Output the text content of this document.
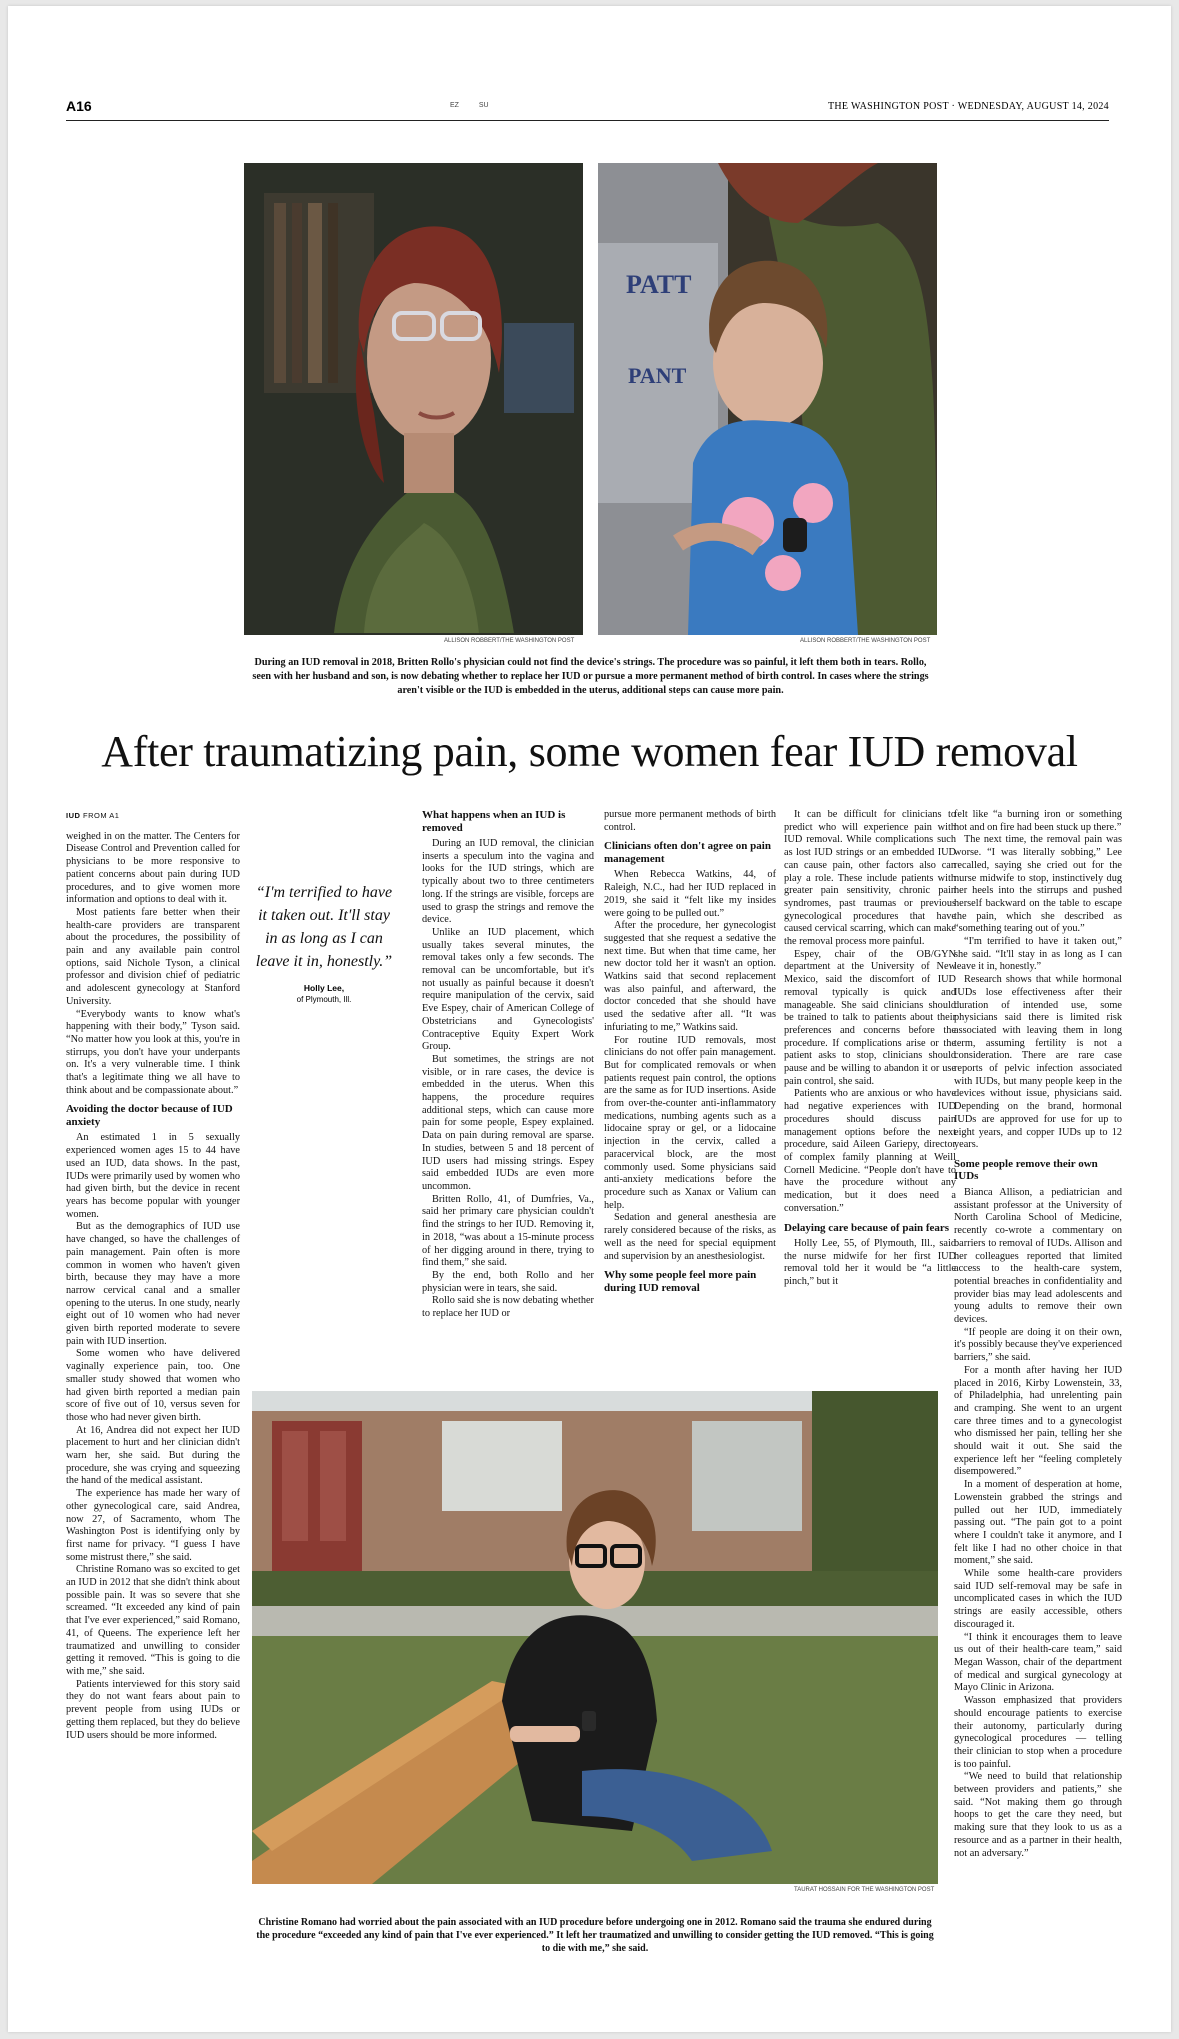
A16	EZ SU	THE WASHINGTON POST · WEDNESDAY, AUGUST 14, 2024
ALLISON ROBBERT/THE WASHINGTON POST
PATT
PANT
ALLISON ROBBERT/THE WASHINGTON POST
During an IUD removal in 2018, Britten Rollo's physician could not find the device's strings. The procedure was so painful, it left them both in tears. Rollo, seen with her husband and son, is now debating whether to replace her IUD or pursue a more permanent method of birth control. In cases where the strings aren't visible or the IUD is embedded in the uterus, additional steps can cause more pain.
After traumatizing pain, some women fear IUD removal
IUD FROM A1

weighed in on the matter. The Centers for Disease Control and Prevention called for physicians to be more responsive to patient concerns about pain during IUD procedures, and to give women more information and options to deal with it.

Most patients fare better when their health-care providers are transparent about the procedures, the possibility of pain and any available pain control options, said Nichole Tyson, a clinical professor and division chief of pediatric and adolescent gynecology at Stanford University.

“Everybody wants to know what's happening with their body,” Tyson said. “No matter how you look at this, you're in stirrups, you don't have your underpants on. It's a very vulnerable time. I think that's a legitimate thing we all have to think about and be compassionate about.”

Avoiding the doctor because of IUD anxiety

An estimated 1 in 5 sexually experienced women ages 15 to 44 have used an IUD, data shows. In the past, IUDs were primarily used by women who had given birth, but the device in recent years has become popular with younger women.

But as the demographics of IUD use have changed, so have the challenges of pain management. Pain often is more common in women who haven't given birth, because they may have a more narrow cervical canal and a smaller opening to the uterus. In one study, nearly eight out of 10 women who had never given birth reported moderate to severe pain with IUD insertion.

Some women who have delivered vaginally experience pain, too. One smaller study showed that women who had given birth reported a median pain score of five out of 10, versus seven for those who had never given birth.

At 16, Andrea did not expect her IUD placement to hurt and her clinician didn't warn her, she said. But during the procedure, she was crying and squeezing the hand of the medical assistant.

The experience has made her wary of other gynecological care, said Andrea, now 27, of Sacramento, whom The Washington Post is identifying only by first name for privacy. “I guess I have some mistrust there,” she said.

Christine Romano was so excited to get an IUD in 2012 that she didn't think about possible pain. It was so severe that she screamed. “It exceeded any kind of pain that I've ever experienced,” said Romano, 41, of Queens. The experience left her traumatized and unwilling to consider getting it removed. “This is going to die with me,” she said.

Patients interviewed for this story said they do not want fears about pain to prevent people from using IUDs or getting them replaced, but they do believe IUD users should be more informed.

“I'm terrified to have it taken out. It'll stay in as long as I can leave it in, honestly.”
Holly Lee,
of Plymouth, Ill.
What happens when an IUD is removed

During an IUD removal, the clinician inserts a speculum into the vagina and looks for the IUD strings, which are typically about two to three centimeters long. If the strings are visible, forceps are used to grasp the strings and remove the device.

Unlike an IUD placement, which usually takes several minutes, the removal takes only a few seconds. The removal can be uncomfortable, but it's not usually as painful because it doesn't require manipulation of the cervix, said Eve Espey, chair of American College of Obstetricians and Gynecologists' Contraceptive Equity Expert Work Group.

But sometimes, the strings are not visible, or in rare cases, the device is embedded in the uterus. When this happens, the procedure requires additional steps, which can cause more pain for some people, Espey explained. Data on pain during removal are sparse. In studies, between 5 and 18 percent of IUD users had missing strings. Espey said embedded IUDs are even more uncommon.

Britten Rollo, 41, of Dumfries, Va., said her primary care physician couldn't find the strings to her IUD. Removing it, in 2018, “was about a 15-minute process of her digging around in there, trying to find them,” she said.

By the end, both Rollo and her physician were in tears, she said.

Rollo said she is now debating whether to replace her IUD or

pursue more permanent methods of birth control.

Clinicians often don't agree on pain management

When Rebecca Watkins, 44, of Raleigh, N.C., had her IUD replaced in 2019, she said it “felt like my insides were going to be pulled out.”

After the procedure, her gynecologist suggested that she request a sedative the next time. But when that time came, her new doctor told her it wasn't an option. Watkins said that second replacement was also painful, and afterward, the doctor conceded that she should have used the sedative after all. “It was infuriating to me,” Watkins said.

For routine IUD removals, most clinicians do not offer pain management. But for complicated removals or when patients request pain control, the options are the same as for IUD insertions. Aside from over-the-counter anti-inflammatory medications, numbing agents such as a lidocaine spray or gel, or a lidocaine injection in the cervix, called a paracervical block, are the most commonly used. Some physicians said anti-anxiety medications before the procedure such as Xanax or Valium can help.

Sedation and general anesthesia are rarely considered because of the risks, as well as the need for special equipment and supervision by an anesthesiologist.

Why some people feel more pain during IUD removal

It can be difficult for clinicians to predict who will experience pain with IUD removal. While complications such as lost IUD strings or an embedded IUD can cause pain, other factors also can play a role. These include patients with greater pain sensitivity, chronic pain syndromes, past traumas or previous gynecological procedures that have caused cervical scarring, which can make the removal process more painful.

Espey, chair of the OB/GYN department at the University of New Mexico, said the discomfort of IUD removal typically is quick and manageable. She said clinicians should be trained to talk to patients about their preferences and concerns before the procedure. If complications arise or the patient asks to stop, clinicians should pause and be willing to abandon it or use pain control, she said.

Patients who are anxious or who have had negative experiences with IUD procedures should discuss pain management options before the next procedure, said Aileen Gariepy, director of complex family planning at Weill Cornell Medicine. “People don't have to have the procedure without any medication, but it does need a conversation.”

Delaying care because of pain fears

Holly Lee, 55, of Plymouth, Ill., said the nurse midwife for her first IUD removal told her it would be “a little pinch,” but it

felt like “a burning iron or something hot and on fire had been stuck up there.”

The next time, the removal pain was worse. “I was literally sobbing,” Lee recalled, saying she cried out for the nurse midwife to stop, instinctively dug her heels into the stirrups and pushed herself backward on the table to escape the pain, which she described as “something tearing out of you.”

“I'm terrified to have it taken out,” she said. “It'll stay in as long as I can leave it in, honestly.”

Research shows that while hormonal IUDs lose effectiveness after their duration of intended use, some physicians said there is limited risk associated with leaving them in long term, assuming fertility is not a consideration. There are rare case reports of pelvic infection associated with IUDs, but many people keep in the devices without issue, physicians said. Depending on the brand, hormonal IUDs are approved for use for up to eight years, and copper IUDs up to 12 years.

Some people remove their own IUDs

Bianca Allison, a pediatrician and assistant professor at the University of North Carolina School of Medicine, recently co-wrote a commentary on barriers to removal of IUDs. Allison and her colleagues reported that limited access to the health-care system, potential breaches in confidentiality and provider bias may lead adolescents and young adults to remove their own devices.

“If people are doing it on their own, it's possibly because they've experienced barriers,” she said.

For a month after having her IUD placed in 2016, Kirby Lowenstein, 33, of Philadelphia, had unrelenting pain and cramping. She went to an urgent care three times and to a gynecologist who dismissed her pain, telling her she should wait it out. She said the experience left her “feeling completely disempowered.”

In a moment of desperation at home, Lowenstein grabbed the strings and pulled out her IUD, immediately passing out. “The pain got to a point where I couldn't take it anymore, and I felt like I had no other choice in that moment,” she said.

While some health-care providers said IUD self-removal may be safe in uncomplicated cases in which the IUD strings are easily accessible, others discouraged it.

“I think it encourages them to leave us out of their health-care team,” said Megan Wasson, chair of the department of medical and surgical gynecology at Mayo Clinic in Arizona.

Wasson emphasized that providers should encourage patients to exercise their autonomy, particularly during gynecological procedures — telling their clinician to stop when a procedure is too painful.

“We need to build that relationship between providers and patients,” she said. “Not making them go through hoops to get the care they need, but making sure that they look to us as a resource and as a partner in their health, not an adversary.”

TAURAT HOSSAIN FOR THE WASHINGTON POST
Christine Romano had worried about the pain associated with an IUD procedure before undergoing one in 2012. Romano said the trauma she endured during the procedure “exceeded any kind of pain that I've ever experienced.” It left her traumatized and unwilling to consider getting the IUD removed. “This is going to die with me,” she said.
